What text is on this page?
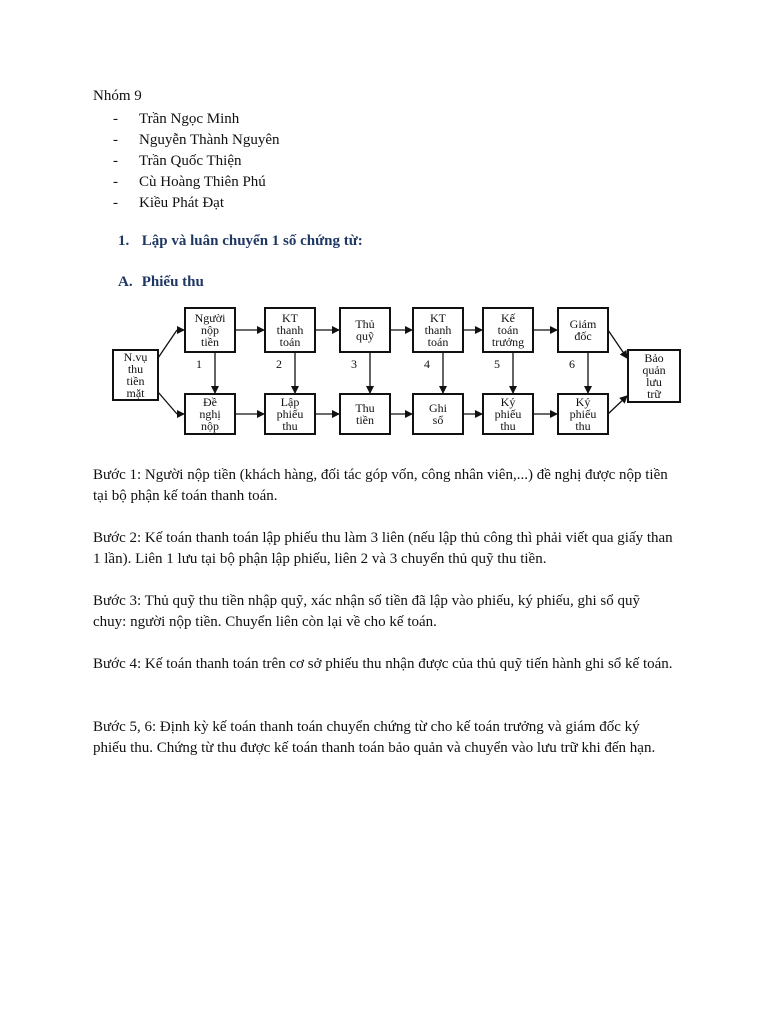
Nhóm 9
- Trần Ngọc Minh
- Nguyễn Thành Nguyên
- Trần Quốc Thiện
- Cù Hoàng Thiên Phú
- Kiều Phát Đạt
1. Lập và luân chuyển 1 số chứng từ:
A. Phiếu thu
N.vụ
thu
tiền
mặt
Bảo
quản
lưu
trữ
Người
nộp
tiền
KT
thanh
toán
Thủ
quỹ
KT
thanh
toán
Kế
toán
trưởng
Giám
đốc
Đề
nghị
nộp
Lập
phiếu
thu
Thu
tiền
Ghi
sổ
Ký
phiếu
thu
Ký
phiếu
thu
1	2	3	4	5	6

Bước 1: Người nộp tiền (khách hàng, đối tác góp vốn, công nhân viên,...) đề nghị được nộp tiền tại bộ phận kế toán thanh toán.

Bước 2: Kế toán thanh toán lập phiếu thu làm 3 liên (nếu lập thủ công thì phải viết qua giấy than 1 lần). Liên 1 lưu tại bộ phận lập phiếu, liên 2 và 3 chuyển thủ quỹ thu tiền.

Bước 3: Thủ quỹ thu tiền nhập quỹ, xác nhận số tiền đã lập vào phiếu, ký phiếu, ghi sổ quỹ chuy: người nộp tiền. Chuyển liên còn lại về cho kế toán.

Bước 4: Kế toán thanh toán trên cơ sở phiếu thu nhận được của thủ quỹ tiến hành ghi sổ kế toán.

Bước 5, 6: Định kỳ kế toán thanh toán chuyển chứng từ cho kế toán trưởng và giám đốc ký phiếu thu. Chứng từ thu được kế toán thanh toán bảo quản và chuyển vào lưu trữ khi đến hạn.
